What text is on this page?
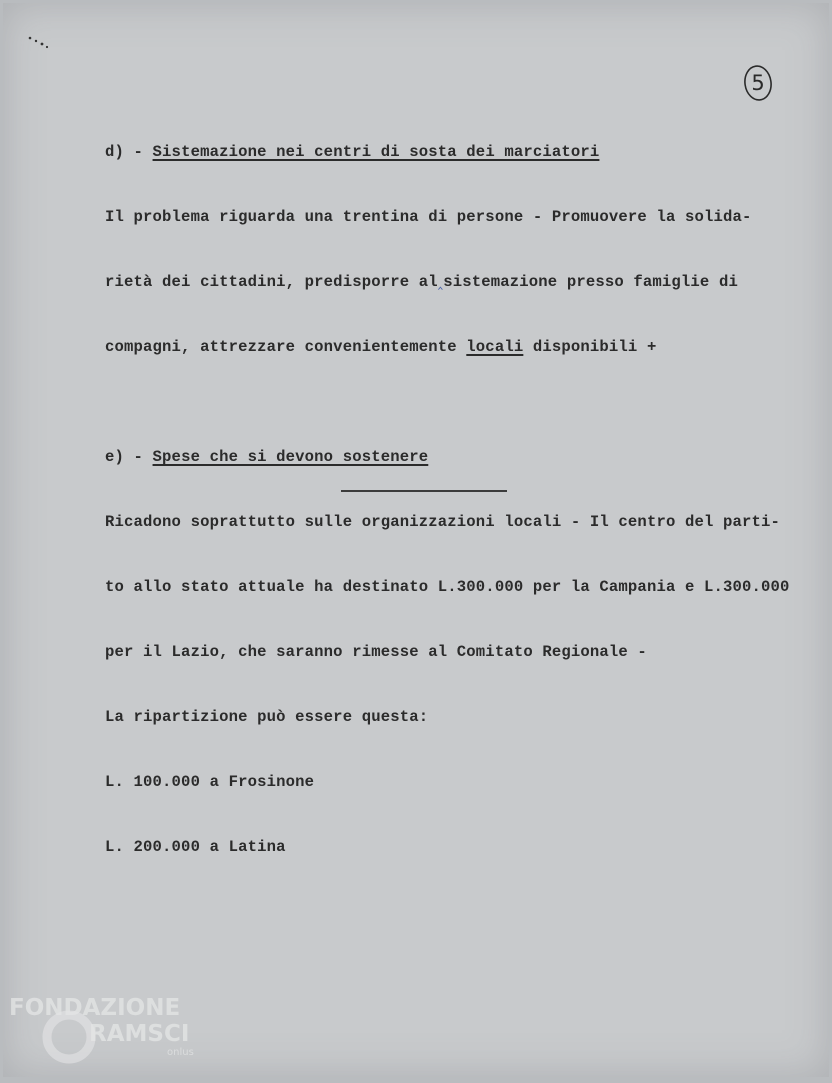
5

d) - Sistemazione nei centri di sosta dei marciatori

Il problema riguarda una trentina di persone - Promuovere la solida-

rietà dei cittadini, predisporre al‸sistemazione presso famiglie di

compagni, attrezzare convenientemente locali disponibili +

e) - Spese che si devono sostenere

Ricadono soprattutto sulle organizzazioni locali - Il centro del parti-

to allo stato attuale ha destinato L.300.000 per la Campania e L.300.000

per il Lazio, che saranno rimesse al Comitato Regionale -

La ripartizione può essere questa:

L. 100.000 a Frosinone

L. 200.000 a Latina

FONDAZIONE
RAMSCI
onlus
